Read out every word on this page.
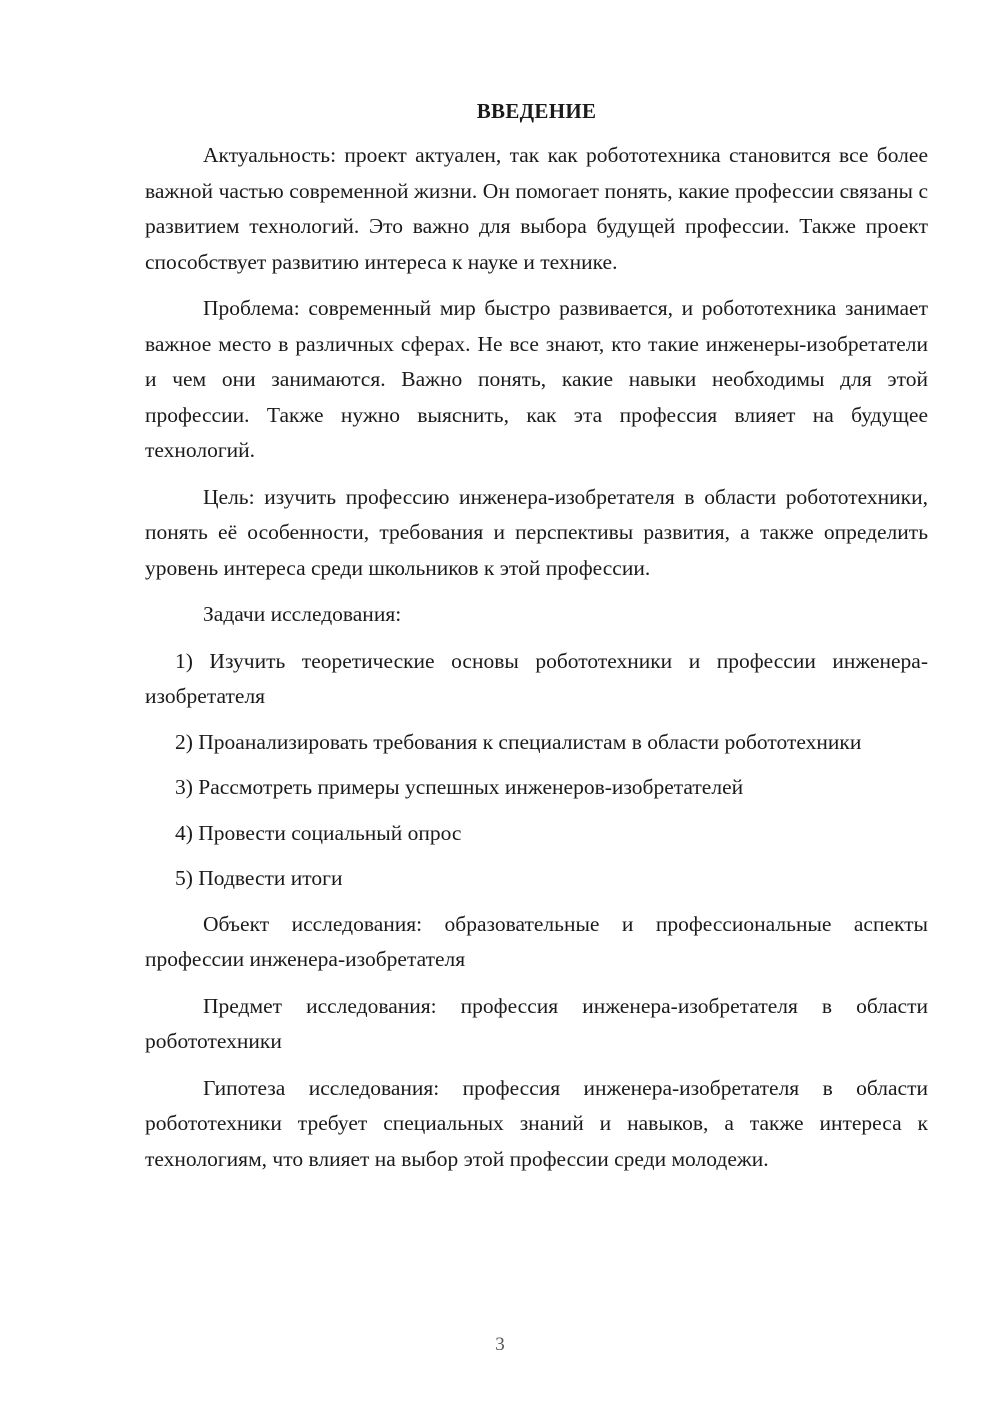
ВВЕДЕНИЕ

Актуальность: проект актуален, так как робототехника становится все более важной частью современной жизни. Он помогает понять, какие профессии связаны с развитием технологий. Это важно для выбора будущей профессии. Также проект способствует развитию интереса к науке и технике.

Проблема: современный мир быстро развивается, и робототехника занимает важное место в различных сферах. Не все знают, кто такие инженеры-изобретатели и чем они занимаются. Важно понять, какие навыки необходимы для этой профессии. Также нужно выяснить, как эта профессия влияет на будущее технологий.

Цель: изучить профессию инженера-изобретателя в области робототехники, понять её особенности, требования и перспективы развития, а также определить уровень интереса среди школьников к этой профессии.

Задачи исследования:

1) Изучить теоретические основы робототехники и профессии инженера-изобретателя

2) Проанализировать требования к специалистам в области робототехники

3) Рассмотреть примеры успешных инженеров-изобретателей

4) Провести социальный опрос

5) Подвести итоги

Объект исследования: образовательные и профессиональные аспекты профессии инженера-изобретателя

Предмет исследования: профессия инженера-изобретателя в области робототехники

Гипотеза исследования: профессия инженера-изобретателя в области робототехники требует специальных знаний и навыков, а также интереса к технологиям, что влияет на выбор этой профессии среди молодежи.

3
